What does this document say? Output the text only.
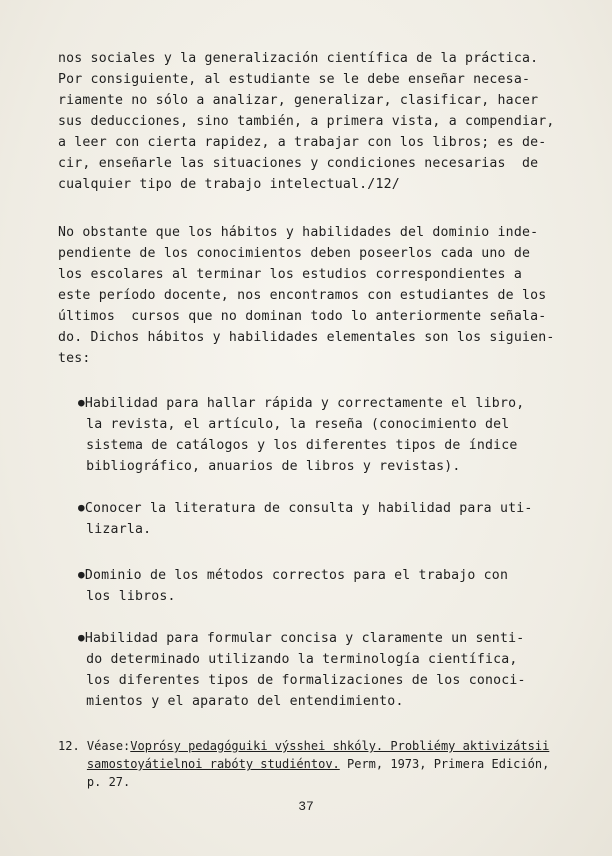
nos sociales y la generalización científica de la práctica.
Por consiguiente, al estudiante se le debe enseñar necesa-
riamente no sólo a analizar, generalizar, clasificar, hacer
sus deducciones, sino también, a primera vista, a compendiar,
a leer con cierta rapidez, a trabajar con los libros; es de-
cir, enseñarle las situaciones y condiciones necesarias  de
cualquier tipo de trabajo intelectual./12/
No obstante que los hábitos y habilidades del dominio inde-
pendiente de los conocimientos deben poseerlos cada uno de
los escolares al terminar los estudios correspondientes a
este período docente, nos encontramos con estudiantes de los
últimos  cursos que no dominan todo lo anteriormente señala-
do. Dichos hábitos y habilidades elementales son los siguien-
tes:
●Habilidad para hallar rápida y correctamente el libro,
la revista, el artículo, la reseña (conocimiento del
sistema de catálogos y los diferentes tipos de índice
bibliográfico, anuarios de libros y revistas).
●Conocer la literatura de consulta y habilidad para uti-
lizarla.
●Dominio de los métodos correctos para el trabajo con
los libros.
●Habilidad para formular concisa y claramente un senti-
do determinado utilizando la terminología científica,
los diferentes tipos de formalizaciones de los conoci-
mientos y el aparato del entendimiento.
12. Véase:Voprósy pedagóguiki výsshei shkóly. Probliémy aktivizátsii
samostoyátielnoi rabóty studiéntov. Perm, 1973, Primera Edición,
p. 27.
37
